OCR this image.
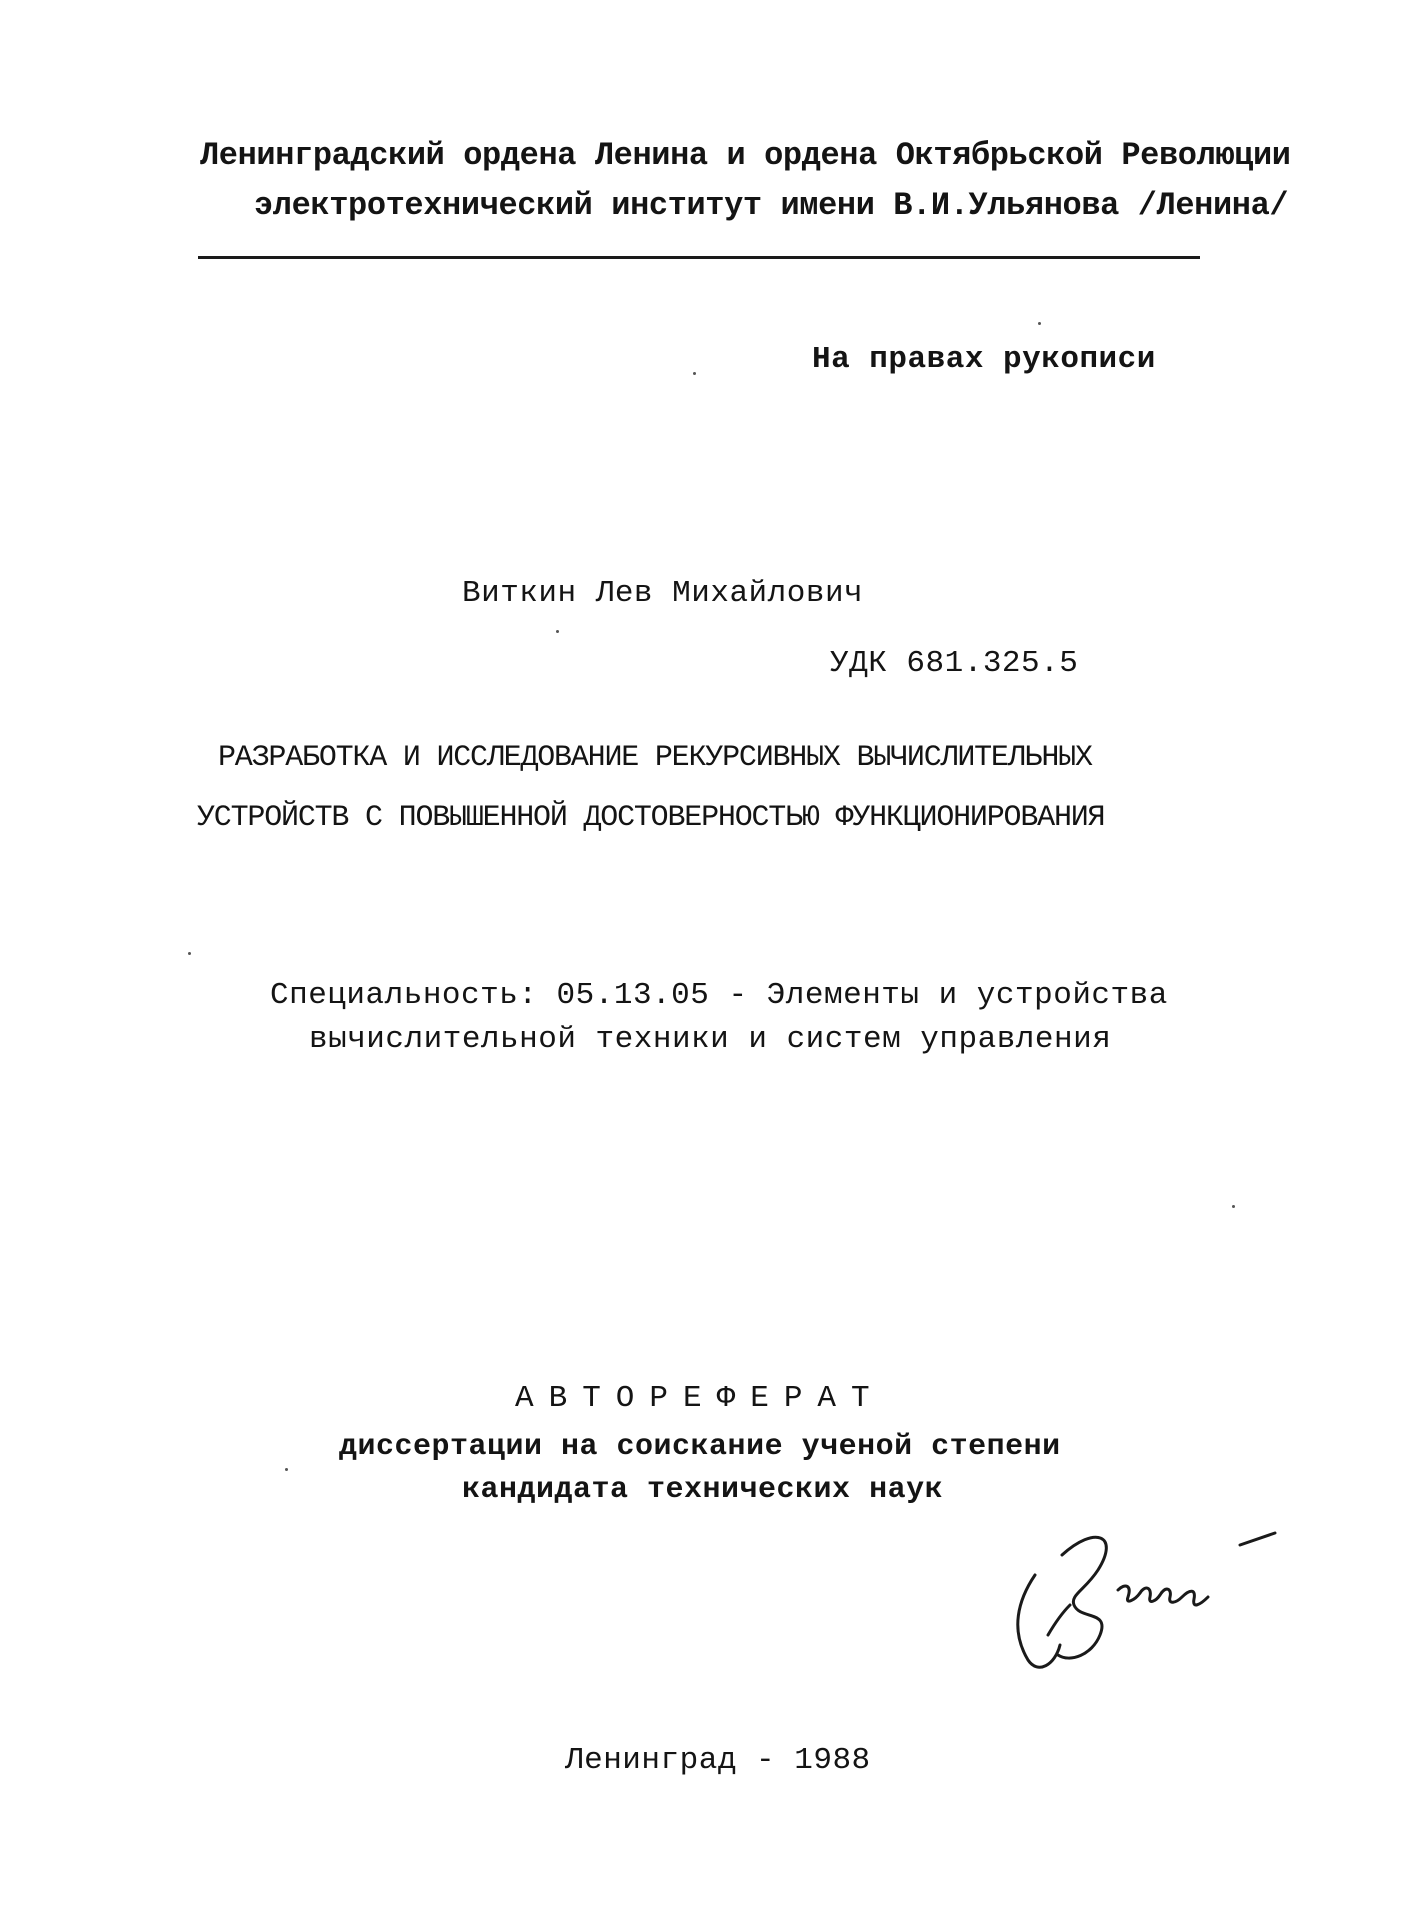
Ленинградский ордена Ленина и ордена Октябрьской Революции
электротехнический институт имени В.И.Ульянова /Ленина/
На правах рукописи
Виткин Лев Михайлович
УДК 681.325.5
РАЗРАБОТКА И ИССЛЕДОВАНИЕ РЕКУРСИВНЫХ ВЫЧИСЛИТЕЛЬНЫХ
УСТРОЙСТВ С ПОВЫШЕННОЙ ДОСТОВЕРНОСТЬЮ ФУНКЦИОНИРОВАНИЯ
Специальность: 05.13.05 - Элементы и устройства
вычислительной техники и систем управления
АВТОРЕФЕРАТ
диссертации на соискание ученой степени
кандидата технических наук
Ленинград - 1988
